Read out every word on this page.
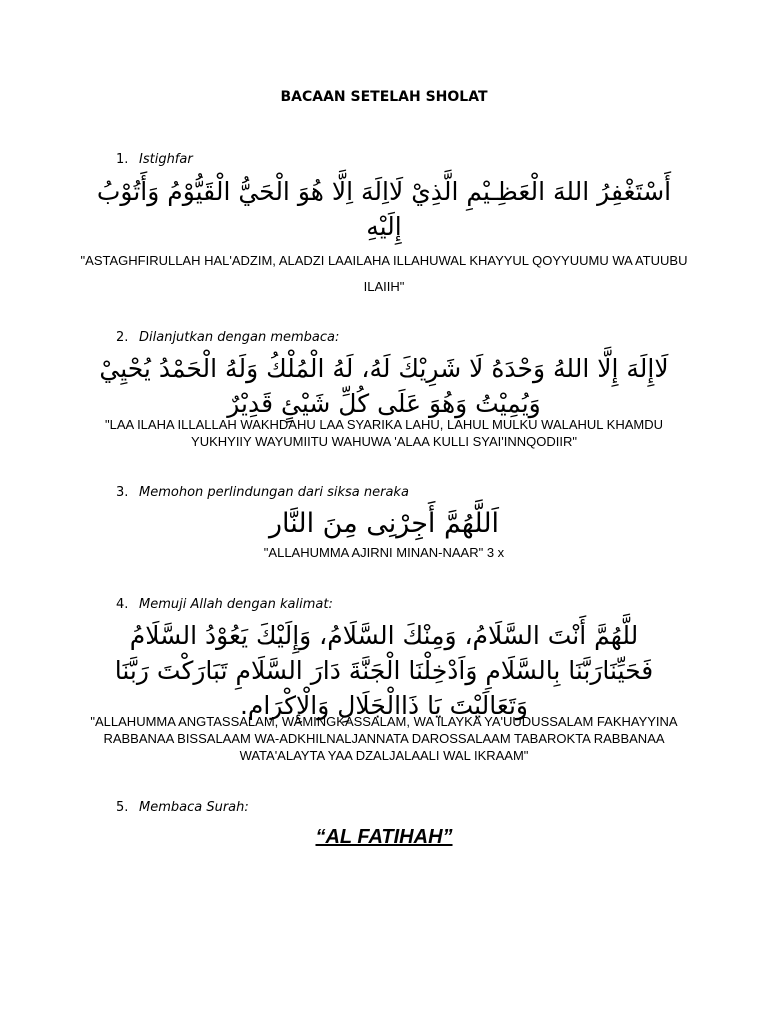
BACAAN SETELAH SHOLAT
1. Istighfar
أَسْتَغْفِرُ اللهَ الْعَظِـيْمِ الَّذِيْ لَااِلَهَ اِلَّا هُوَ الْحَيُّ الْقَيُّوْمُ وَأَتُوْبُ إِلَيْهِ
"ASTAGHFIRULLAH HAL'ADZIM, ALADZI LAAILAHA ILLAHUWAL KHAYYUL QOYYUUMU WA ATUUBU ILAIIH"
2. Dilanjutkan dengan membaca:
لَاإِلَهَ إِلَّا اللهُ وَحْدَهُ لَا شَرِيْكَ لَهُ، لَهُ الْمُلْكُ وَلَهُ الْحَمْدُ يُحْيِيْ وَيُمِيْتُ وَهُوَ عَلَى كُلِّ شَيْئٍ قَدِيْرٌ
"LAA ILAHA ILLALLAH WAKHDAHU LAA SYARIKA LAHU, LAHUL MULKU WALAHUL KHAMDU YUKHYIIY WAYUMIITU WAHUWA 'ALAA KULLI SYAI'INNQODIIR"
3. Memohon perlindungan dari siksa neraka
اَللَّهُمَّ أَجِرْنِى مِنَ النَّار
"ALLAHUMMA AJIRNI MINAN-NAAR" 3 x
4. Memuji Allah dengan kalimat:
للَّهُمَّ أَنْتَ السَّلَامُ، وَمِنْكَ السَّلَامُ، وَإِلَيْكَ يَعُوْدُ السَّلَامُ فَحَيِّنَارَبَّنَا بِالسَّلَامِ وَاَدْخِلْنَا الْجَنَّةَ دَارَ السَّلَامِ تَبَارَكْتَ رَبَّنَا وَتَعَالَيْتَ يَا ذَاالْجَلَالِ وَالْإِكْرَام.
"ALLAHUMMA ANGTASSALAM, WAMINGKASSALAM, WA ILAYKA YA'UUDUSSALAM FAKHAYYINA RABBANAA BISSALAAM WA-ADKHILNALJANNATA DAROSSALAAM TABAROKTA RABBANAA WATA'ALAYTA YAA DZALJALAALI WAL IKRAAM"
5. Membaca Surah:
“AL FATIHAH”
